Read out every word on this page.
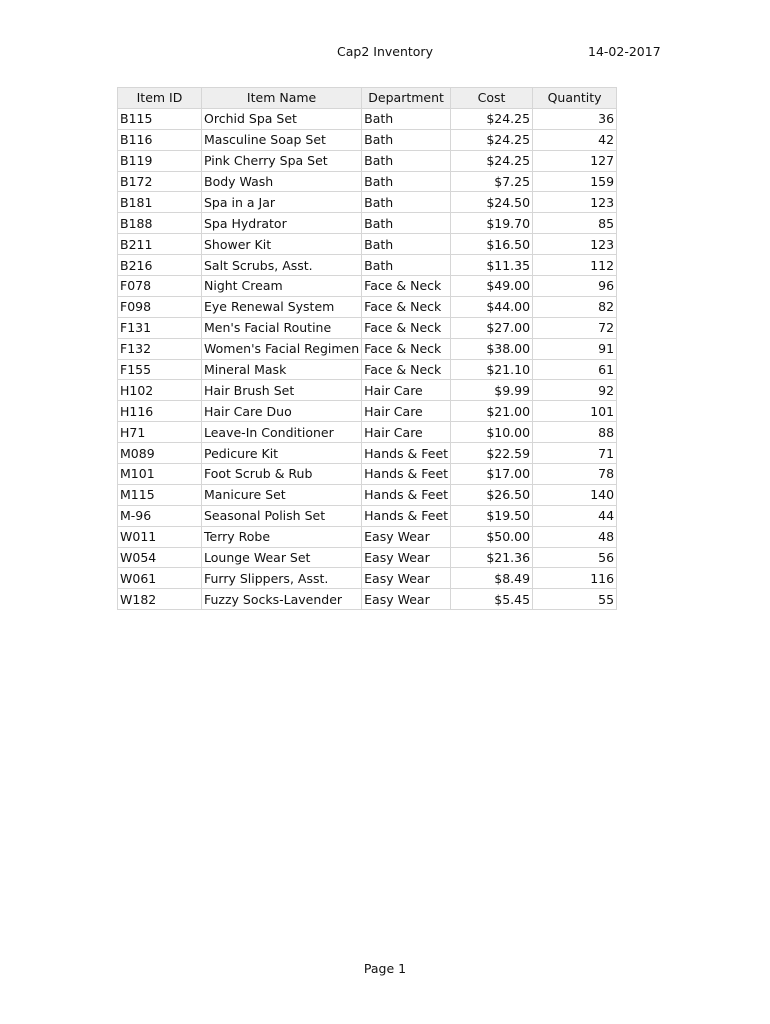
Cap2 Inventory	14-02-2017
Item ID	Item Name	Department	Cost	Quantity
B115	Orchid Spa Set	Bath	$24.25	36
B116	Masculine Soap Set	Bath	$24.25	42
B119	Pink Cherry Spa Set	Bath	$24.25	127
B172	Body Wash	Bath	$7.25	159
B181	Spa in a Jar	Bath	$24.50	123
B188	Spa Hydrator	Bath	$19.70	85
B211	Shower Kit	Bath	$16.50	123
B216	Salt Scrubs, Asst.	Bath	$11.35	112
F078	Night Cream	Face & Neck	$49.00	96
F098	Eye Renewal System	Face & Neck	$44.00	82
F131	Men's Facial Routine	Face & Neck	$27.00	72
F132	Women's Facial Regimen	Face & Neck	$38.00	91
F155	Mineral Mask	Face & Neck	$21.10	61
H102	Hair Brush Set	Hair Care	$9.99	92
H116	Hair Care Duo	Hair Care	$21.00	101
H71	Leave-In Conditioner	Hair Care	$10.00	88
M089	Pedicure Kit	Hands & Feet	$22.59	71
M101	Foot Scrub & Rub	Hands & Feet	$17.00	78
M115	Manicure Set	Hands & Feet	$26.50	140
M-96	Seasonal Polish Set	Hands & Feet	$19.50	44
W011	Terry Robe	Easy Wear	$50.00	48
W054	Lounge Wear Set	Easy Wear	$21.36	56
W061	Furry Slippers, Asst.	Easy Wear	$8.49	116
W182	Fuzzy Socks-Lavender	Easy Wear	$5.45	55
Page 1
